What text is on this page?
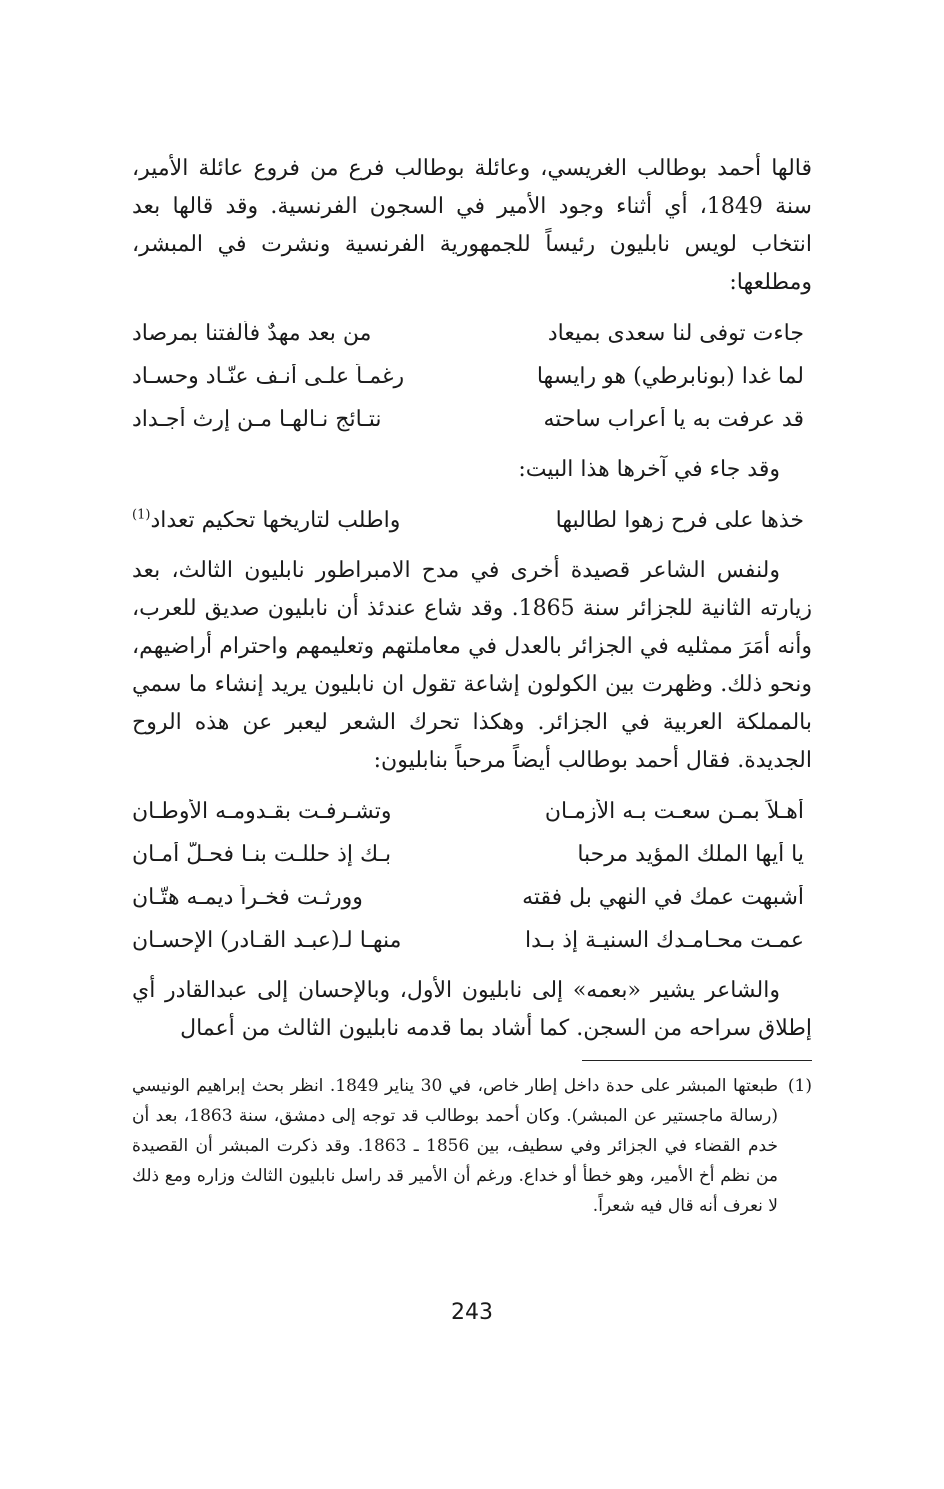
قالها أحمد بوطالب الغريسي، وعائلة بوطالب فرع من فروع عائلة الأمير، سنة 1849، أي أثناء وجود الأمير في السجون الفرنسية. وقد قالها بعد انتخاب لويس نابليون رئيساً للجمهورية الفرنسية ونشرت في المبشر، ومطلعها:

جاءت توفى لنا سعدى بميعاد
من بعد مهدٌ فألفتنا بمرصاد
لما غدا (بونابرطي) هو رايسها
رغمـاً علـى أنـف عنّـاد وحسـاد
قد عرفت به يا أعراب ساحته
نتـائج نـالهـا مـن إرث أجـداد

وقد جاء في آخرها هذا البيت:

خذها على فرح زهوا لطالبها
واطلب لتاريخها تحكيم تعداد$^{(1)}$

ولنفس الشاعر قصيدة أخرى في مدح الامبراطور نابليون الثالث، بعد زيارته الثانية للجزائر سنة 1865. وقد شاع عندئذ أن نابليون صديق للعرب، وأنه أمَرَ ممثليه في الجزائر بالعدل في معاملتهم وتعليمهم واحترام أراضيهم، ونحو ذلك. وظهرت بين الكولون إشاعة تقول ان نابليون يريد إنشاء ما سمي بالمملكة العربية في الجزائر. وهكذا تحرك الشعر ليعبر عن هذه الروح الجديدة. فقال أحمد بوطالب أيضاً مرحباً بنابليون:

أهـلاً بمـن سعـت بـه الأزمـان
وتشـرفـت بقـدومـه الأوطـان
يا أيها الملك المؤيد مرحبا
بـك إذ حللـت بنـا فحـلّ أمـان
أشبهت عمك في النهي بل فقته
وورثـت فخـراً ديمـه هتّـان
عمـت محـامـدك السنيـة إذ بـدا
منهـا لـ(عبـد القـادر) الإحسـان

والشاعر يشير «بعمه» إلى نابليون الأول، وبالإحسان إلى عبدالقادر أي إطلاق سراحه من السجن. كما أشاد بما قدمه نابليون الثالث من أعمال

(1)
طبعتها المبشر على حدة داخل إطار خاص، في 30 يناير 1849. انظر بحث إبراهيم الونيسي (رسالة ماجستير عن المبشر). وكان أحمد بوطالب قد توجه إلى دمشق، سنة 1863، بعد أن خدم القضاء في الجزائر وفي سطيف، بين 1856 ـ 1863. وقد ذكرت المبشر أن القصيدة من نظم أخ الأمير، وهو خطأ أو خداع. ورغم أن الأمير قد راسل نابليون الثالث وزاره ومع ذلك لا نعرف أنه قال فيه شعراً.
243
